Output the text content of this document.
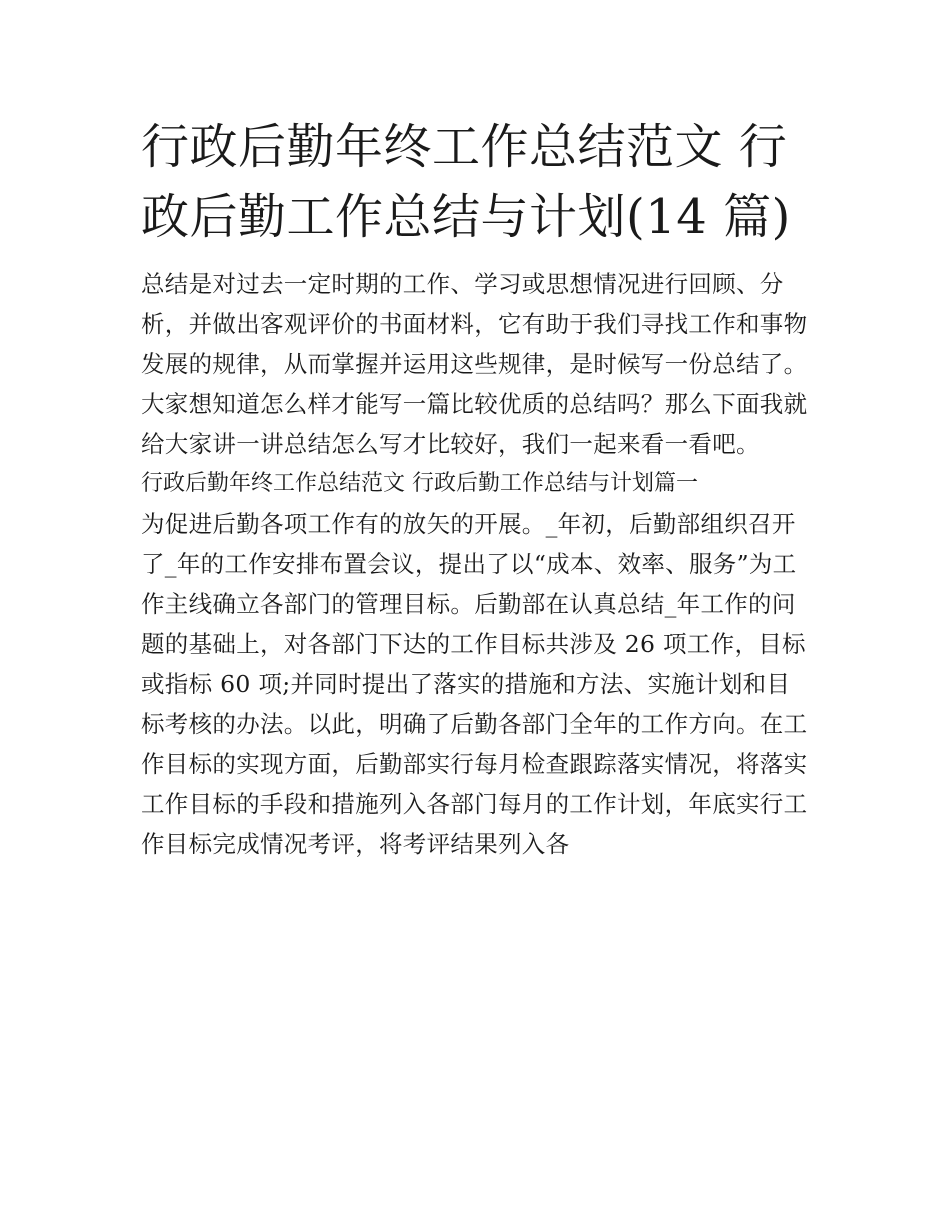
行政后勤年终工作总结范文 行政后勤工作总结与计划(14 篇)

总结是对过去一定时期的工作、学习或思想情况进行回顾、分析，并做出客观评价的书面材料，它有助于我们寻找工作和事物发展的规律，从而掌握并运用这些规律，是时候写一份总结了。大家想知道怎么样才能写一篇比较优质的总结吗？那么下面我就给大家讲一讲总结怎么写才比较好，我们一起来看一看吧。

行政后勤年终工作总结范文 行政后勤工作总结与计划篇一

为促进后勤各项工作有的放矢的开展。_年初，后勤部组织召开了_年的工作安排布置会议，提出了以“成本、效率、服务”为工作主线确立各部门的管理目标。后勤部在认真总结_年工作的问题的基础上，对各部门下达的工作目标共涉及 26 项工作，目标或指标 60 项;并同时提出了落实的措施和方法、实施计划和目标考核的办法。以此，明确了后勤各部门全年的工作方向。在工作目标的实现方面，后勤部实行每月检查跟踪落实情况，将落实工作目标的手段和措施列入各部门每月的工作计划，年底实行工作目标完成情况考评，将考评结果列入各
